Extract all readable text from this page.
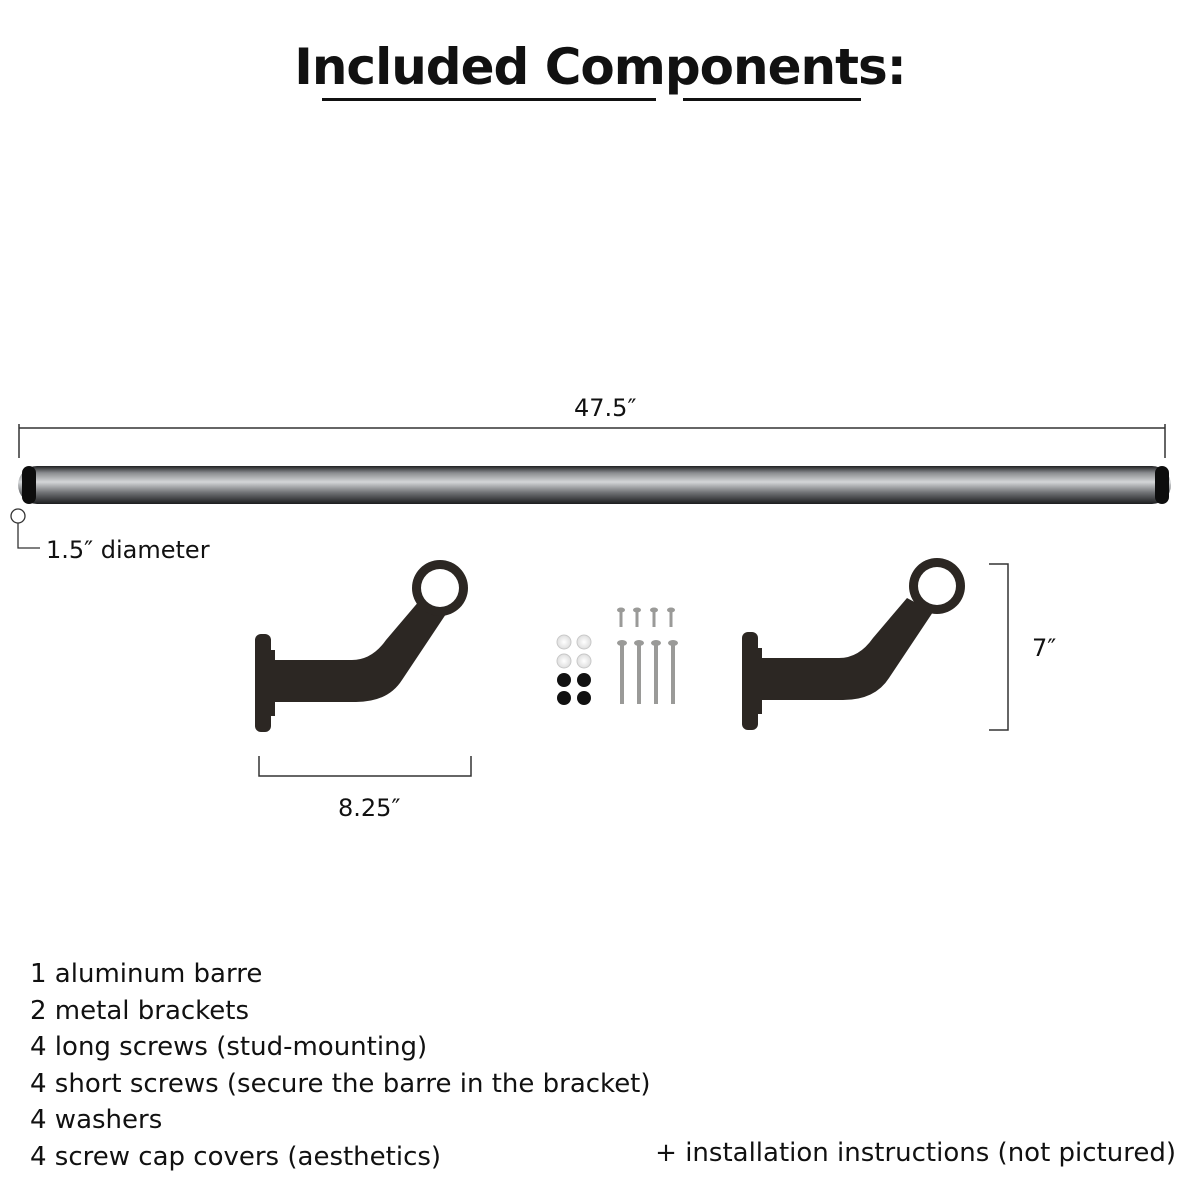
Included Components:
47.5″
1.5″ diameter
7″
8.25″
1 aluminum barre
2 metal brackets
4 long screws (stud-mounting)
4 short screws (secure the barre in the bracket)
4 washers
4 screw cap covers (aesthetics)	+ installation instructions (not pictured)
